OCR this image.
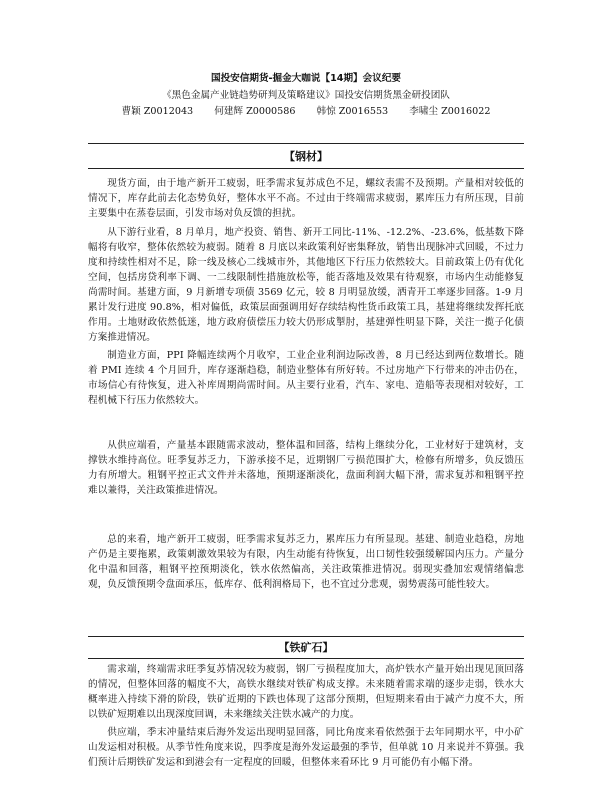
国投安信期货-掘金大咖说【14期】会议纪要
《黑色金属产业链趋势研判及策略建议》国投安信期货黑金研投团队
曹颖 Z0012043 何建辉 Z0000586 韩惊 Z0016553 李啸尘 Z0016022
【钢材】

现货方面，由于地产新开工疲弱，旺季需求复苏成色不足，螺纹表需不及预期。产量相对较低的情况下，库存此前去化态势负好，整体水平不高。不过由于终端需求疲弱，累库压力有所压现，目前主要集中在蒸卷层面，引发市场对负反馈的担扰。

从下游行业看，8 月单月，地产投资、销售、新开工同比-11%、-12.2%、-23.6%，低基数下降幅将有收窄，整体依然较为疲弱。随着 8 月底以来政策利好密集释放，销售出现脉冲式回暖，不过力度和持续性相对不足，除一线及核心二线城市外，其他地区下行压力依然较大。目前政策上仍有优化空间，包括房贷利率下调、一二线限制性措施放松等，能否落地及效果有待观察，市场内生动能修复尚需时间。基建方面，9 月新增专项债 3569 亿元，较 8 月明显放缓，洒青开工率逐步回落。1-9 月累计发行进度 90.8%，相对偏低，政策层面强调用好存续结构性货币政策工具，基建将继续发挥托底作用。土地财政依然低迷，地方政府债偿压力较大仍形成掣肘，基建弹性明显下降，关注一揽子化债方案推进情况。

制造业方面，PPI 降幅连续两个月收窄，工业企业利润边际改善，8 月已经达到两位数增长。随着 PMI 连续 4 个月回升，库存逐渐趋稳，制造业整体有所好转。不过房地产下行带来的冲击仍在，市场信心有待恢复，进入补库周期尚需时间。从主要行业看，汽车、家电、造船等表现相对较好，工程机械下行压力依然较大。

从供应端看，产量基本跟随需求波动，整体温和回落，结构上继续分化，工业材好于建筑材，支撑铁水维持高位。旺季复苏乏力，下游承接不足，近期钢厂亏损范围扩大，检修有所增多，负反馈压力有所增大。粗钢平控正式文件并未落地，预期逐渐淡化，盘面利润大幅下滑，需求复苏和粗钢平控难以兼得，关注政策推进情况。

总的来看，地产新开工疲弱，旺季需求复苏乏力，累库压力有所显现。基建、制造业趋稳，房地产仍是主要拖累，政策刺激效果较为有限，内生动能有待恢复，出口韧性较强缓解国内压力。产量分化中温和回落，粗钢平控预期淡化，铁水依然偏高，关注政策推进情况。弱现实叠加宏观情绪偏悲观，负反馈预期令盘面承压，低库存、低利润格局下，也不宜过分悲观，弱势震荡可能性较大。

【铁矿石】

需求端，终端需求旺季复苏情况较为疲弱，钢厂亏损程度加大，高炉铁水产量开始出现见顶回落的情况，但整体回落的幅度不大，高铁水继续对铁矿构成支撑。未来随着需求端的逐步走弱，铁水大概率进入持续下滑的阶段，铁矿近期的下跌也体现了这部分预期，但短期来看由于减产力度不大，所以铁矿短期难以出现深度回调，未来继续关注铁水减产的力度。

供应端，季末冲量结束后海外发运出现明显回落，同比角度来看依然强于去年同期水平，中小矿山发运相对积极。从季节性角度来说，四季度是海外发运最强的季节，但单就 10 月来说并不算强。我们预计后期铁矿发运和到港会有一定程度的回暖，但整体来看环比 9 月可能仍有小幅下滑。
